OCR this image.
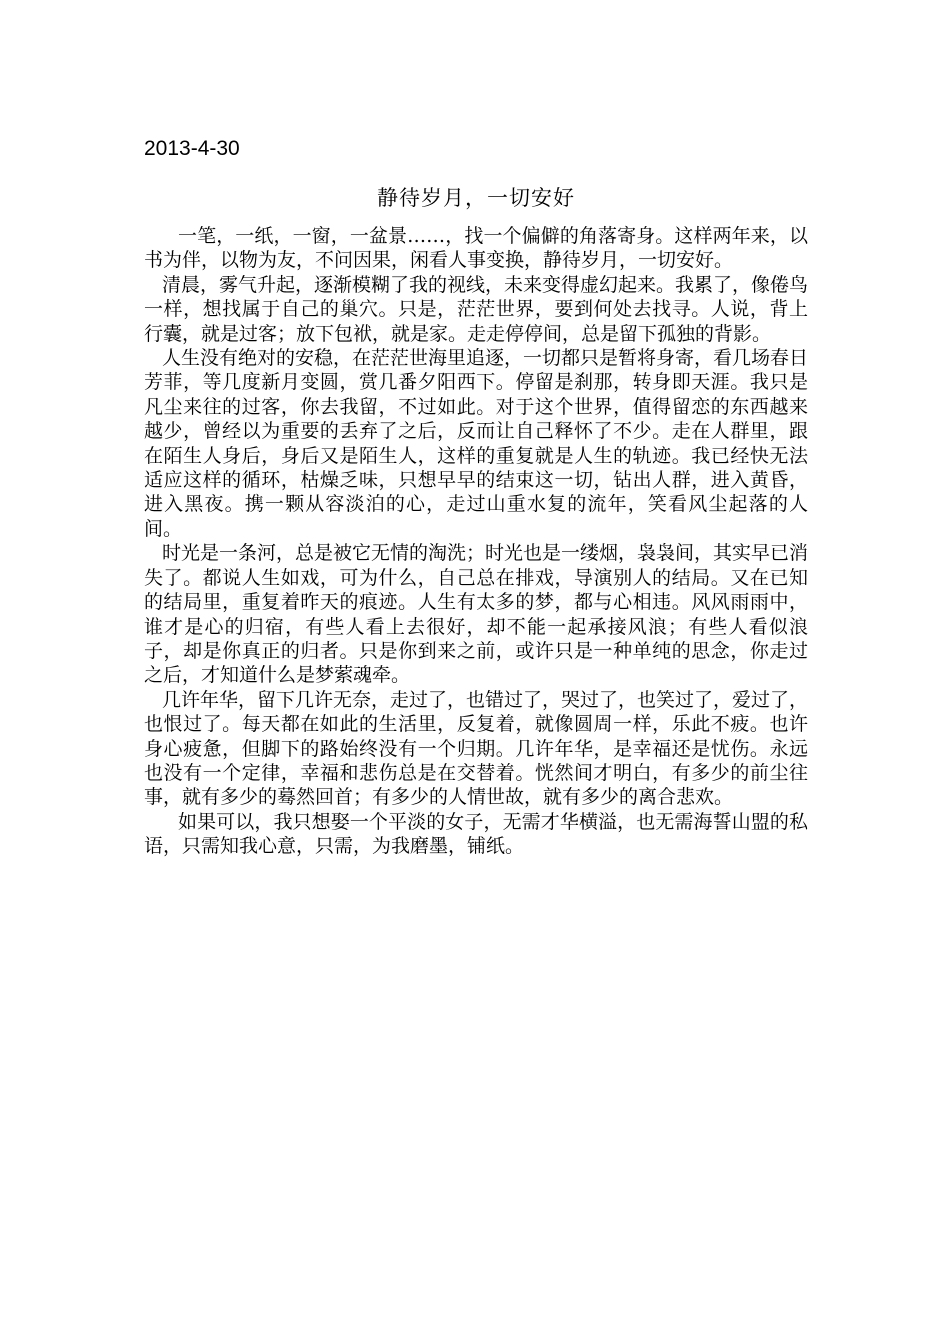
2013-4-30
静待岁月，一切安好

一笔，一纸，一窗，一盆景……，找一个偏僻的角落寄身。这样两年来，以书为伴，以物为友，不问因果，闲看人事变换，静待岁月，一切安好。

清晨，雾气升起，逐渐模糊了我的视线，未来变得虚幻起来。我累了，像倦鸟一样，想找属于自己的巢穴。只是，茫茫世界，要到何处去找寻。人说，背上行囊，就是过客；放下包袱，就是家。走走停停间，总是留下孤独的背影。

人生没有绝对的安稳，在茫茫世海里追逐，一切都只是暂将身寄，看几场春日芳菲，等几度新月变圆，赏几番夕阳西下。停留是刹那，转身即天涯。我只是凡尘来往的过客，你去我留，不过如此。对于这个世界，值得留恋的东西越来越少，曾经以为重要的丢弃了之后，反而让自己释怀了不少。走在人群里，跟在陌生人身后，身后又是陌生人，这样的重复就是人生的轨迹。我已经快无法适应这样的循环，枯燥乏味，只想早早的结束这一切，钻出人群，进入黄昏，进入黑夜。携一颗从容淡泊的心，走过山重水复的流年，笑看风尘起落的人间。

时光是一条河，总是被它无情的淘洗；时光也是一缕烟，袅袅间，其实早已消失了。都说人生如戏，可为什么，自己总在排戏，导演别人的结局。又在已知的结局里，重复着昨天的痕迹。人生有太多的梦，都与心相违。风风雨雨中，谁才是心的归宿，有些人看上去很好，却不能一起承接风浪；有些人看似浪子，却是你真正的归者。只是你到来之前，或许只是一种单纯的思念，你走过之后，才知道什么是梦萦魂牵。

几许年华，留下几许无奈，走过了，也错过了，哭过了，也笑过了，爱过了，也恨过了。每天都在如此的生活里，反复着，就像圆周一样，乐此不疲。也许身心疲惫，但脚下的路始终没有一个归期。几许年华，是幸福还是忧伤。永远也没有一个定律，幸福和悲伤总是在交替着。恍然间才明白，有多少的前尘往事，就有多少的蓦然回首；有多少的人情世故，就有多少的离合悲欢。

如果可以，我只想娶一个平淡的女子，无需才华横溢，也无需海誓山盟的私语，只需知我心意，只需，为我磨墨，铺纸。
